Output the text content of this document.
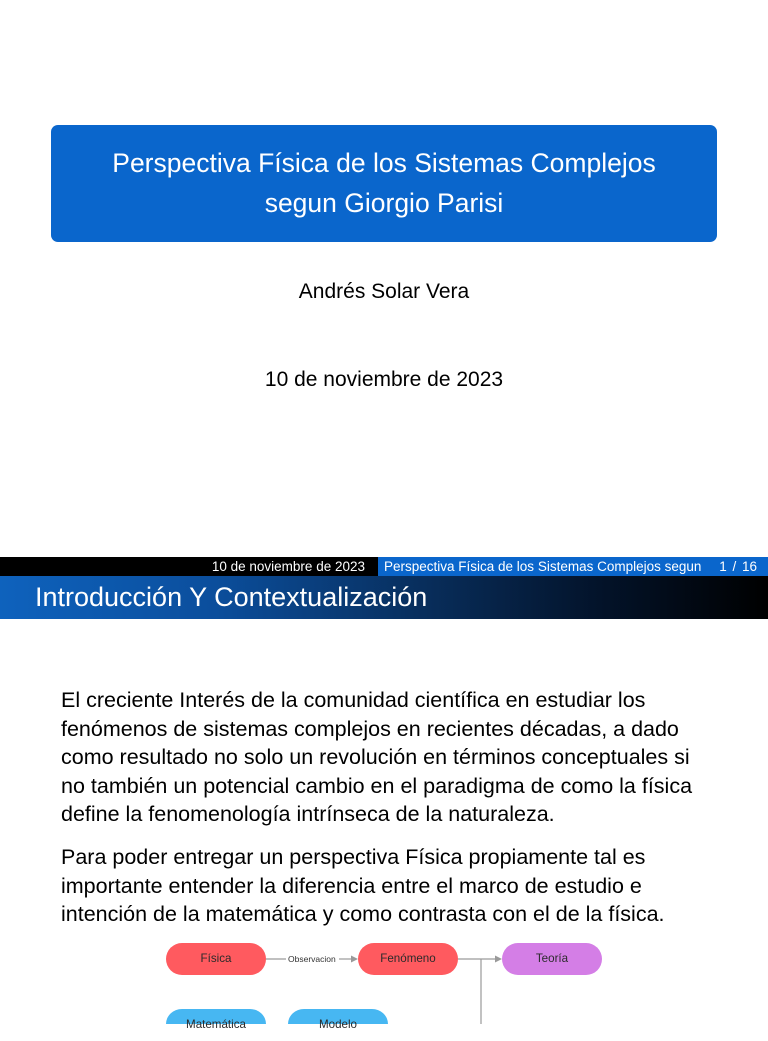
Perspectiva Física de los Sistemas Complejos
segun Giorgio Parisi
Andrés Solar Vera
10 de noviembre de 2023
10 de noviembre de 2023	Perspectiva Física de los Sistemas Complejos segun 1 / 16
Introducción Y Contextualización
El creciente Interés de la comunidad científica en estudiar los
fenómenos de sistemas complejos en recientes décadas, a dado
como resultado no solo un revolución en términos conceptuales si
no también un potencial cambio en el paradigma de como la física
define la fenomenología intrínseca de la naturaleza.
Para poder entregar un perspectiva Física propiamente tal es
importante entender la diferencia entre el marco de estudio e
intención de la matemática y como contrasta con el de la física.
Observacion
Física	Fenómeno	Teoría
Matemática	Modelo
